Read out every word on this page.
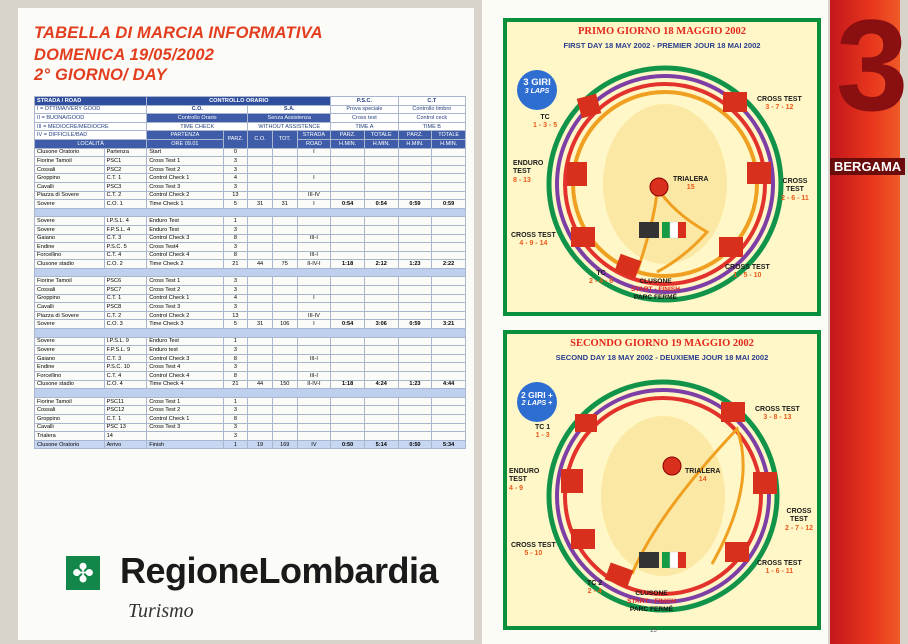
3
BERGAMA
TABELLA DI MARCIA INFORMATIVA
DOMENICA 19/05/2002
2° GIORNO/ DAY
STRADA / ROAD		CONTROLLO ORARIO					P.S.C.		C.T	
I = OTTIMA/VERY GOOD		C.O.		S.A.			Prova speciale		Controllo timbro	
II = BUONA/GOOD		Controllo Orario		Senza Assistenza			Cross test		Control ceck	
III = MEDIOCRE/MEDIOCRE		TIME CHECK		WITHOUT ASSISTENCE			TIME A		TIME B	
IV = DIFFICILE/BAD		PARTENZA	PARZ.	C.O.	TOT.	STRADA	PARZ.	TOTALE	PARZ.	TOTALE
LOCALITÀ		ORE 09.01				ROAD	H.MIN.	H.MIN.	H.MIN.	H.MIN.
Clusone Oratorio	Partenza	Start	0			I				
Fiorine Tamoil	PSC1	Cross Test 1	3							
Cossali	PSC2	Cross Test 2	3							
Groppino	C.T. 1	Control Check 1	4			I				
Cavalli	PSC3	Cross Test 3	3							
Piazza di Sovere	C.T. 2	Control Check 2	13			III-IV				
Sovere	C.O. 1	Time Check 1	5	31	31	I	0:54	0:54	0:59	0:59

Sovere	I.P.S.L. 4	Enduro Test	1							
Sovere	F.P.S.L. 4	Enduro Test	3							
Gaiano	C.T. 3	Control Check 3	8			III-I				
Endine	P.S.C. 5	Cross Test4	3							
Forcellino	C.T. 4	Control Check 4	8			III-I				
Clusone stadio	C.O. 2	Time Check 2	21	44	75	II-IV-I	1:18	2:12	1:23	2:22

Fiorine Tamoil	PSC6	Cross Test 1	3							
Cossali	PSC7	Cross Test 2	3							
Groppino	C.T. 1	Control Check 1	4			I				
Cavalli	PSC8	Cross Test 3	3							
Piazza di Sovere	C.T. 2	Control Check 2	13			III-IV				
Sovere	C.O. 3	Time Check 3	5	31	106	I	0:54	3:06	0:59	3:21

Sovere	I.P.S.L. 9	Enduro Test	1							
Sovere	F.P.S.L. 9	Enduro test	3							
Gaiano	C.T. 3	Control Check 3	8			III-I				
Endine	P.S.C. 10	Cross Test 4	3							
Forcellino	C.T. 4	Control Check 4	8			III-I				
Clusone stadio	C.O. 4	Time Check 4	21	44	150	II-IV-I	1:18	4:24	1:23	4:44

Fiorine Tamoil	PSC11	Cross Test 1	1							
Cossali	PSC12	Cross Test 2	3							
Groppino	C.T. 1	Control Check 1	8							
Cavalli	PSC 13	Cross Test 3	3							
Trialera	14		3							
Clusone Oratorio	Arrivo	Finish	1	19	169	IV	0:50	5:14	0:50	5:34
✤ RegioneLombardia
Turismo
PRIMO GIORNO 18 MAGGIO 2002
FIRST DAY 18 MAY 2002 - PREMIER JOUR 18 MAI 2002
3 GIRI
3 LAPS
TC
1 - 3 - 5
CROSS TEST
3 - 7 - 12
ENDURO TEST
8 - 13	TRIALERA
15
CROSS TEST
2 - 6 - 11
CROSS TEST
4 - 9 - 14
CROSS TEST
1 - 5 - 10
TC
2 - 4 - 6	CLUSONE
START - FINISH
PARC FERMÉ
SECONDO GIORNO 19 MAGGIO 2002
SECOND DAY 18 MAY 2002 - DEUXIEME JOUR 18 MAI 2002
2 GIRI +
2 LAPS +
CROSS TEST
3 - 8 - 13
TC 1
1 - 3
ENDURO TEST
4 - 9
TRIALERA
14
CROSS TEST
2 - 7 - 12
CROSS TEST
5 - 10
CROSS TEST
1 - 6 - 11
TC 2
2 - 4	CLUSONE
START - FINISH
PARC FERMÉ
15
